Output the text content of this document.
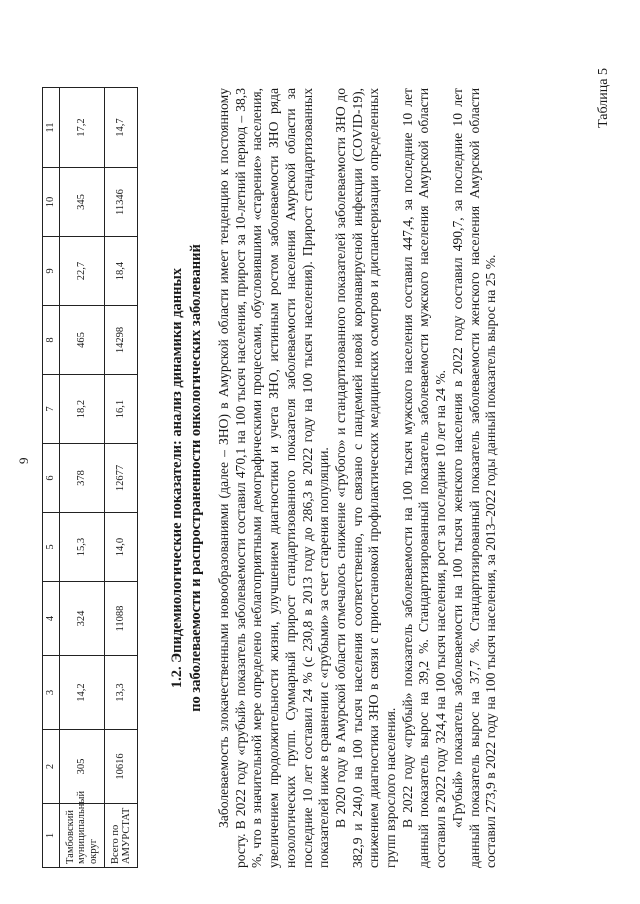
9
1	2	3	4	5	6	7	8	9	10	11
Тамбовский муниципальный округ	305	14,2	324	15,3	378	18,2	465	22,7	345	17,2
Всего по АМУРСТАТ	10616	13,3	11088	14,0	12677	16,1	14298	18,4	11346	14,7
1.2. Эпидемиологические показатели: анализ динамики данных по заболеваемости и распространенности онкологических заболеваний Заболеваемость злокачественными новообразованиями (далее – ЗНО) в Амурской области имеет тенденцию к постоянному росту. В 2022 году «грубый» показатель заболеваемости составил 470,1 на 100 тысяч населения, прирост за 10-летний период – 38,3 %, что в значительной мере определено неблагоприятными демографическими процессами, обусловившими «старение» населения, увеличением продолжительности жизни, улучшением диагностики и учета ЗНО, истинным ростом заболеваемости ЗНО ряда нозологических групп. Суммарный прирост стандартизованного показателя заболеваемости населения Амурской области за последние 10 лет составил 24 % (с 230,8 в 2013 году до 286,3 в 2022 году на 100 тысяч населения). Прирост стандартизованных показателей ниже в сравнении с «грубыми» за счет старения популяции. В 2020 году в Амурской области отмечалось снижение «грубого» и стандартизованного показателей заболеваемости ЗНО до 382,9 и 240,0 на 100 тысяч населения соответственно, что связано с пандемией новой коронавирусной инфекции (COVID-19), снижением диагностики ЗНО в связи с приостановкой профилактических медицинских осмотров и диспансеризации определенных групп взрослого населения. В 2022 году «грубый» показатель заболеваемости на 100 тысяч мужского населения составил 447,4, за последние 10 лет данный показатель вырос на 39,2 %. Стандартизированный показатель заболеваемости мужского населения Амурской области составил в 2022 году 324,4 на 100 тысяч населения, рост за последние 10 лет на 24 %. «Грубый» показатель заболеваемости на 100 тысяч женского населения в 2022 году составил 490,7, за последние 10 лет данный показатель вырос на 37,7 %. Стандартизированный показатель заболеваемости женского населения Амурской области составил 273,9 в 2022 году на 100 тысяч населения, за 2013–2022 годы данный показатель вырос на 25 %.

Таблица 5
